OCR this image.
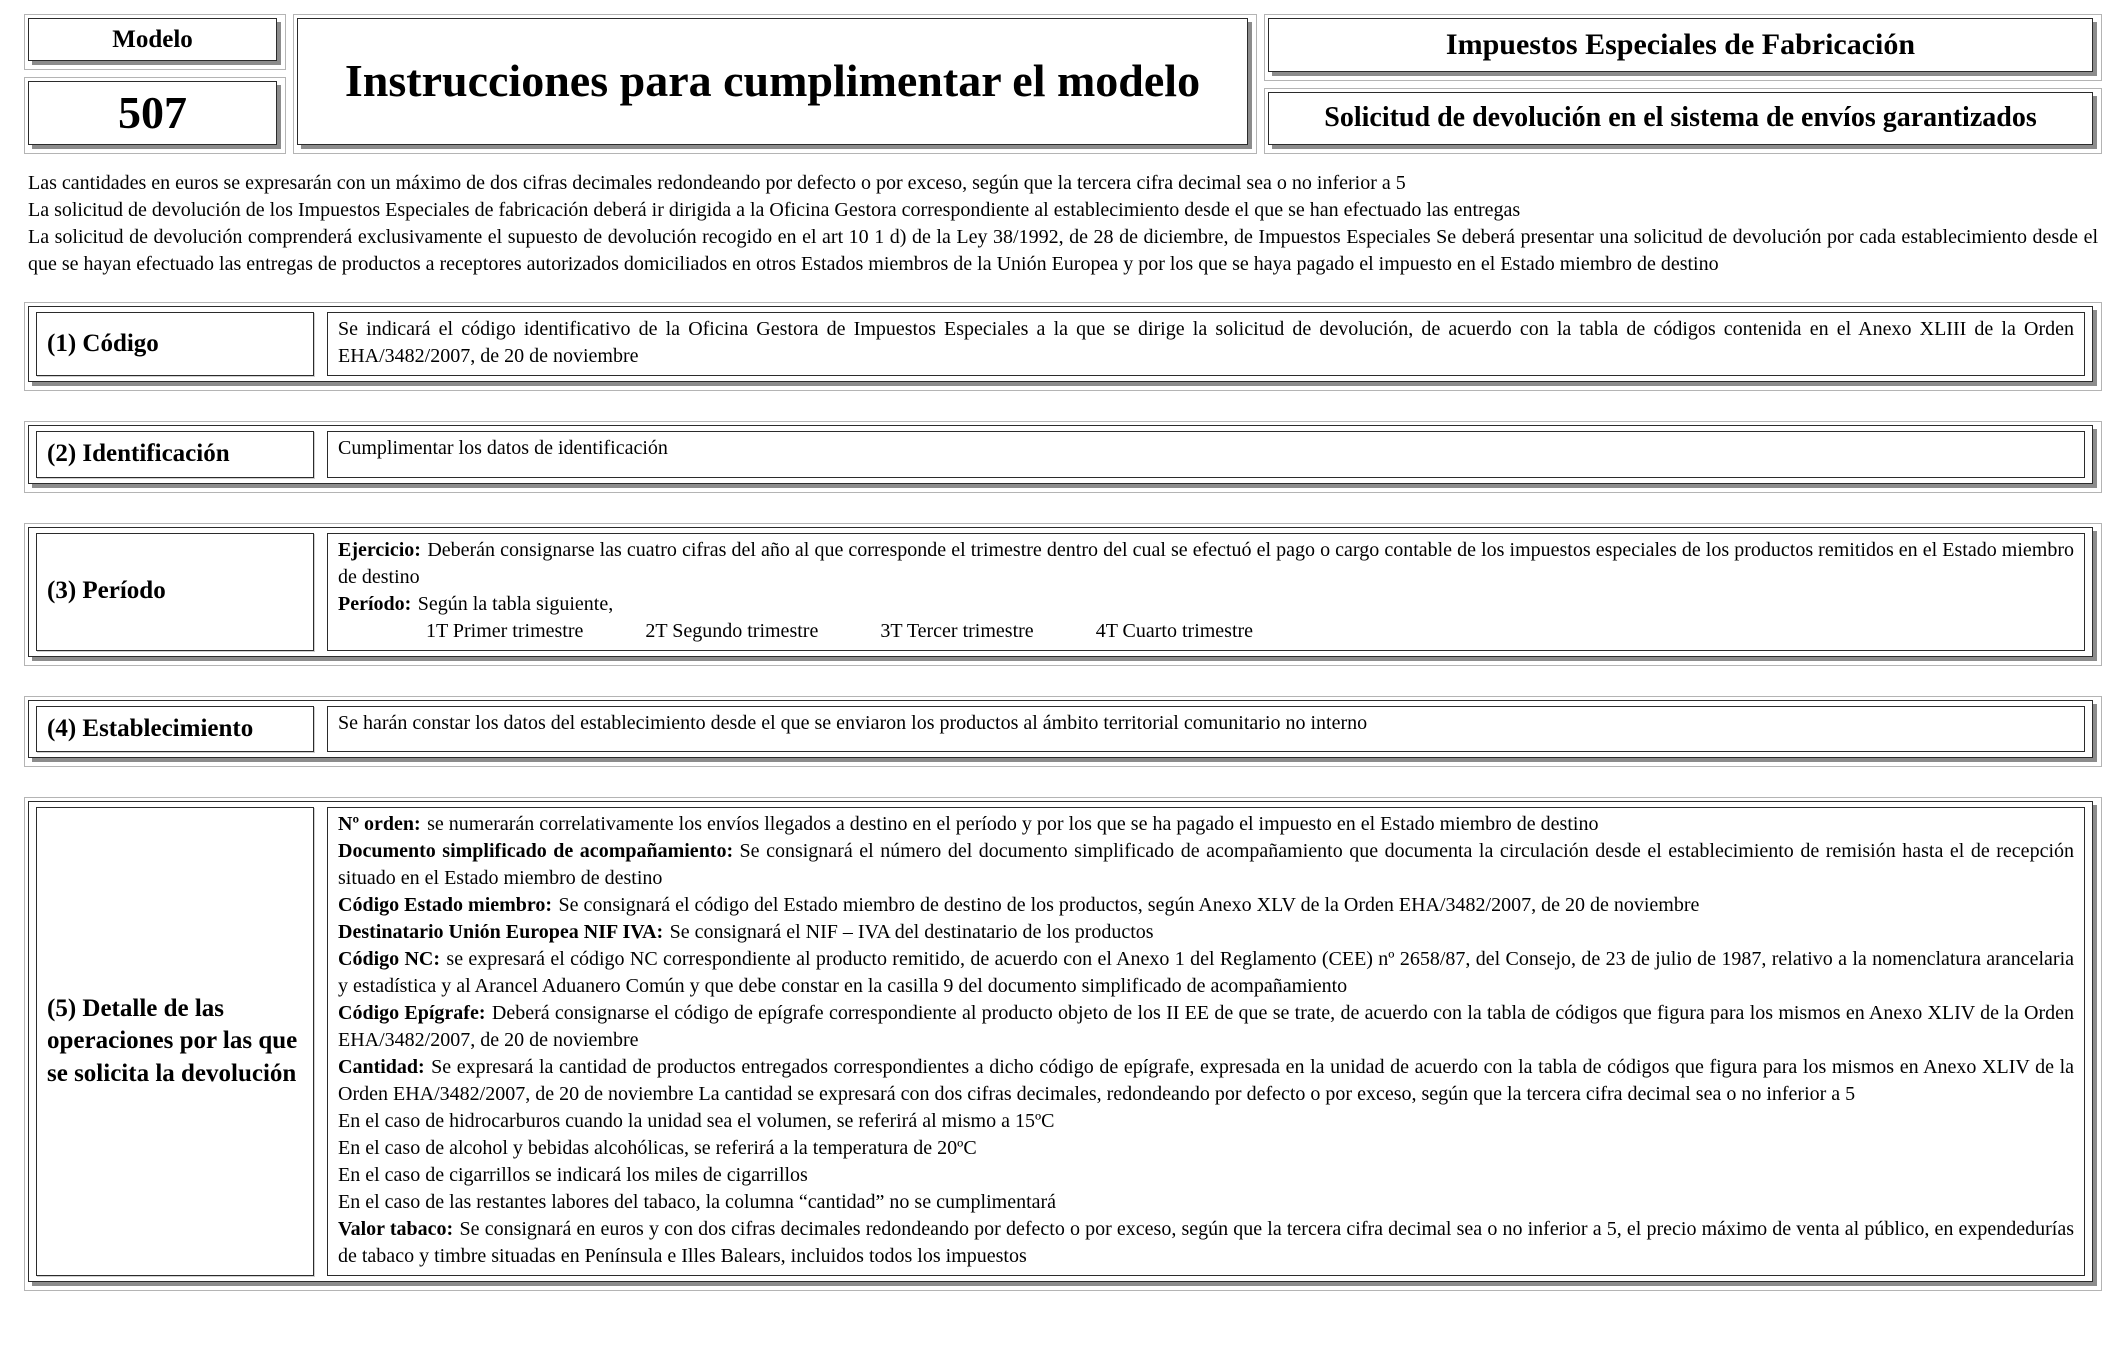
Modelo
507
Instrucciones para cumplimentar el modelo
Impuestos Especiales de Fabricación
Solicitud de devolución en el sistema de envíos garantizados

Las cantidades en euros se expresarán con un máximo de dos cifras decimales redondeando por defecto o por exceso, según que la tercera cifra decimal sea o no inferior a 5

La solicitud de devolución de los Impuestos Especiales de fabricación deberá ir dirigida a la Oficina Gestora correspondiente al establecimiento desde el que se han efectuado las entregas

La solicitud de devolución comprenderá exclusivamente el supuesto de devolución recogido en el art 10 1 d) de la Ley 38/1992, de 28 de diciembre, de Impuestos Especiales Se deberá presentar una solicitud de devolución por cada establecimiento desde el que se hayan efectuado las entregas de productos a receptores autorizados domiciliados en otros Estados miembros de la Unión Europea y por los que se haya pagado el impuesto en el Estado miembro de destino

(1) Código

Se indicará el código identificativo de la Oficina Gestora de Impuestos Especiales a la que se dirige la solicitud de devolución, de acuerdo con la tabla de códigos contenida en el Anexo XLIII de la Orden EHA/3482/2007, de 20 de noviembre

(2) Identificación	Cumplimentar los datos de identificación

(3) Período

Ejercicio: Deberán consignarse las cuatro cifras del año al que corresponde el trimestre dentro del cual se efectuó el pago o cargo contable de los impuestos especiales de los productos remitidos en el Estado miembro de destino

Período: Según la tabla siguiente,

1T Primer trimestre	2T Segundo trimestre	3T Tercer trimestre	4T Cuarto trimestre

(4) Establecimiento	Se harán constar los datos del establecimiento desde el que se enviaron los productos al ámbito territorial comunitario no interno

(5) Detalle de las operaciones por las que se solicita la devolución

Nº orden: se numerarán correlativamente los envíos llegados a destino en el período y por los que se ha pagado el impuesto en el Estado miembro de destino

Documento simplificado de acompañamiento: Se consignará el número del documento simplificado de acompañamiento que documenta la circulación desde el establecimiento de remisión hasta el de recepción situado en el Estado miembro de destino

Código Estado miembro: Se consignará el código del Estado miembro de destino de los productos, según Anexo XLV de la Orden EHA/3482/2007, de 20 de noviembre

Destinatario Unión Europea NIF IVA: Se consignará el NIF – IVA del destinatario de los productos

Código NC: se expresará el código NC correspondiente al producto remitido, de acuerdo con el Anexo 1 del Reglamento (CEE) nº 2658/87, del Consejo, de 23 de julio de 1987, relativo a la nomenclatura arancelaria y estadística y al Arancel Aduanero Común y que debe constar en la casilla 9 del documento simplificado de acompañamiento

Código Epígrafe: Deberá consignarse el código de epígrafe correspondiente al producto objeto de los II EE de que se trate, de acuerdo con la tabla de códigos que figura para los mismos en Anexo XLIV de la Orden EHA/3482/2007, de 20 de noviembre

Cantidad: Se expresará la cantidad de productos entregados correspondientes a dicho código de epígrafe, expresada en la unidad de acuerdo con la tabla de códigos que figura para los mismos en Anexo XLIV de la Orden EHA/3482/2007, de 20 de noviembre La cantidad se expresará con dos cifras decimales, redondeando por defecto o por exceso, según que la tercera cifra decimal sea o no inferior a 5

En el caso de hidrocarburos cuando la unidad sea el volumen, se referirá al mismo a 15ºC

En el caso de alcohol y bebidas alcohólicas, se referirá a la temperatura de 20ºC

En el caso de cigarrillos se indicará los miles de cigarrillos

En el caso de las restantes labores del tabaco, la columna “cantidad” no se cumplimentará

Valor tabaco: Se consignará en euros y con dos cifras decimales redondeando por defecto o por exceso, según que la tercera cifra decimal sea o no inferior a 5, el precio máximo de venta al público, en expendedurías de tabaco y timbre situadas en Península e Illes Balears, incluidos todos los impuestos
